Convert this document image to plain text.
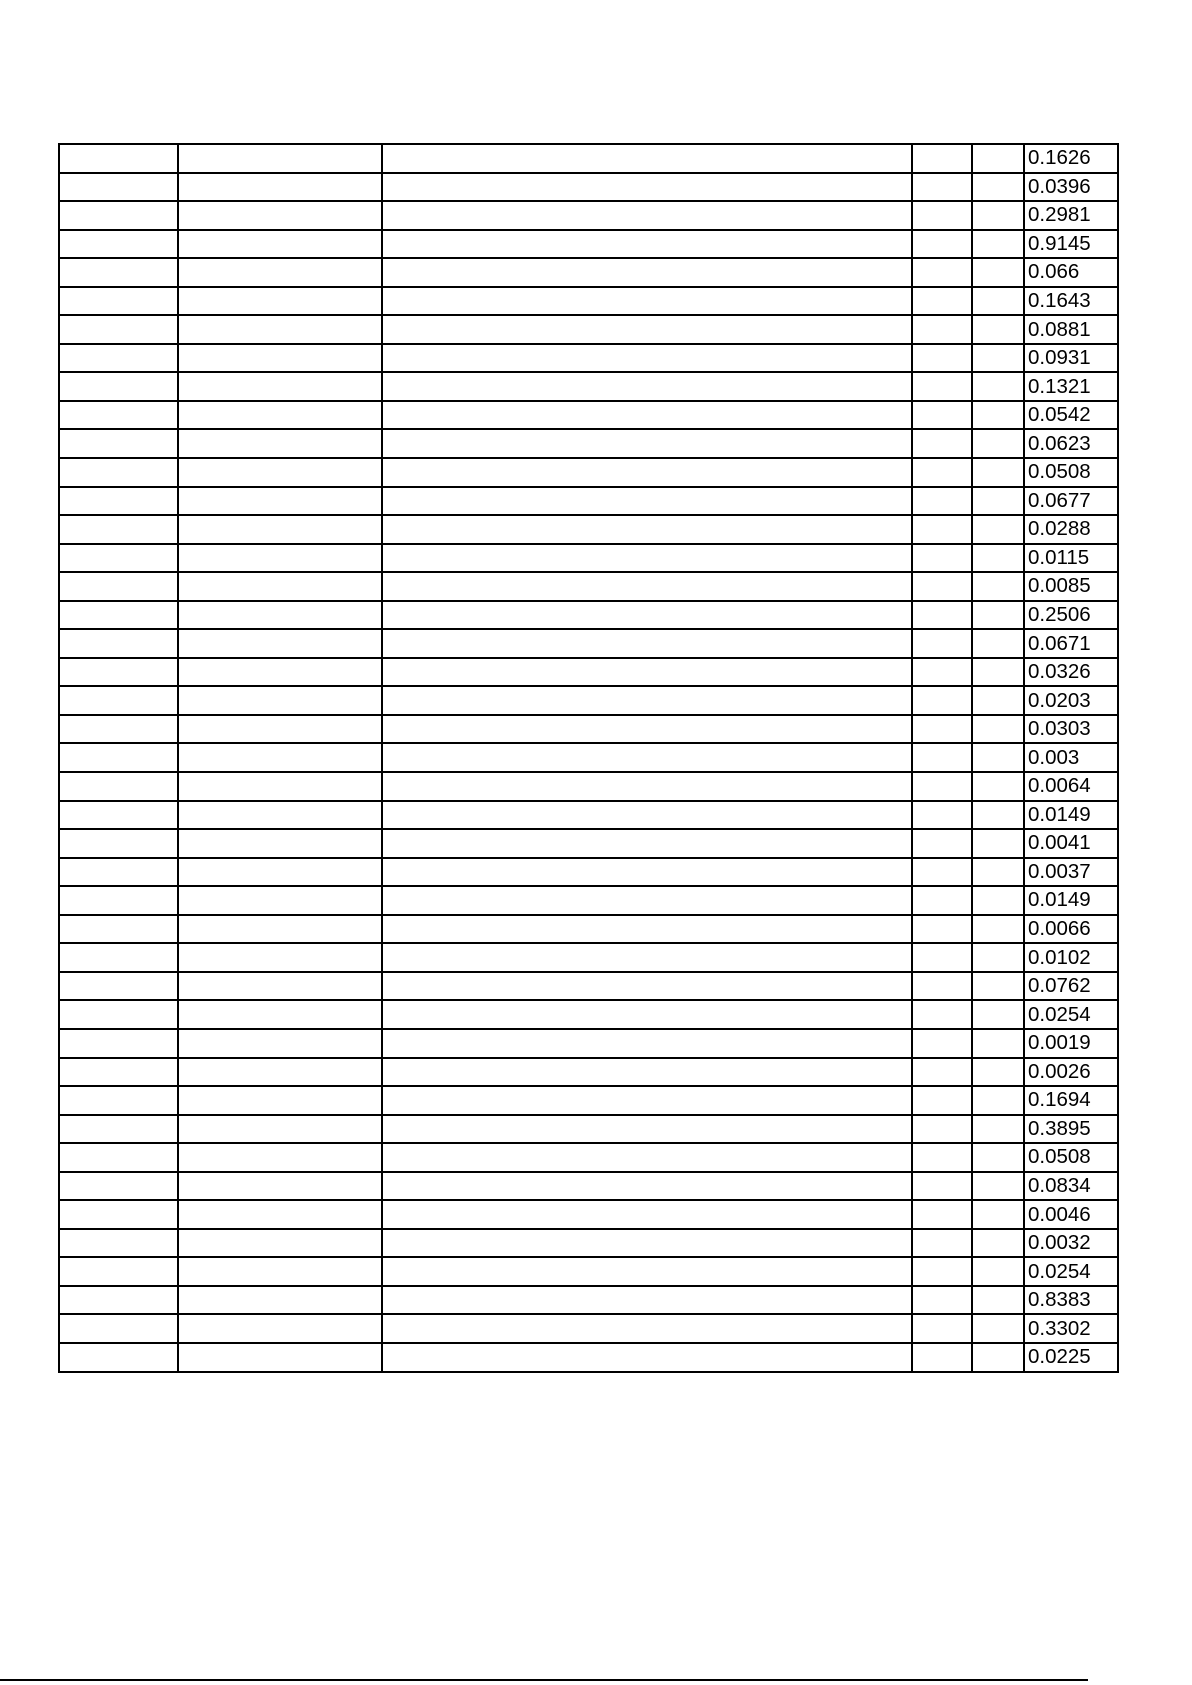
					0.1626
					0.0396
					0.2981
					0.9145
					0.066
					0.1643
					0.0881
					0.0931
					0.1321
					0.0542
					0.0623
					0.0508
					0.0677
					0.0288
					0.0115
					0.0085
					0.2506
					0.0671
					0.0326
					0.0203
					0.0303
					0.003
					0.0064
					0.0149
					0.0041
					0.0037
					0.0149
					0.0066
					0.0102
					0.0762
					0.0254
					0.0019
					0.0026
					0.1694
					0.3895
					0.0508
					0.0834
					0.0046
					0.0032
					0.0254
					0.8383
					0.3302
					0.0225
